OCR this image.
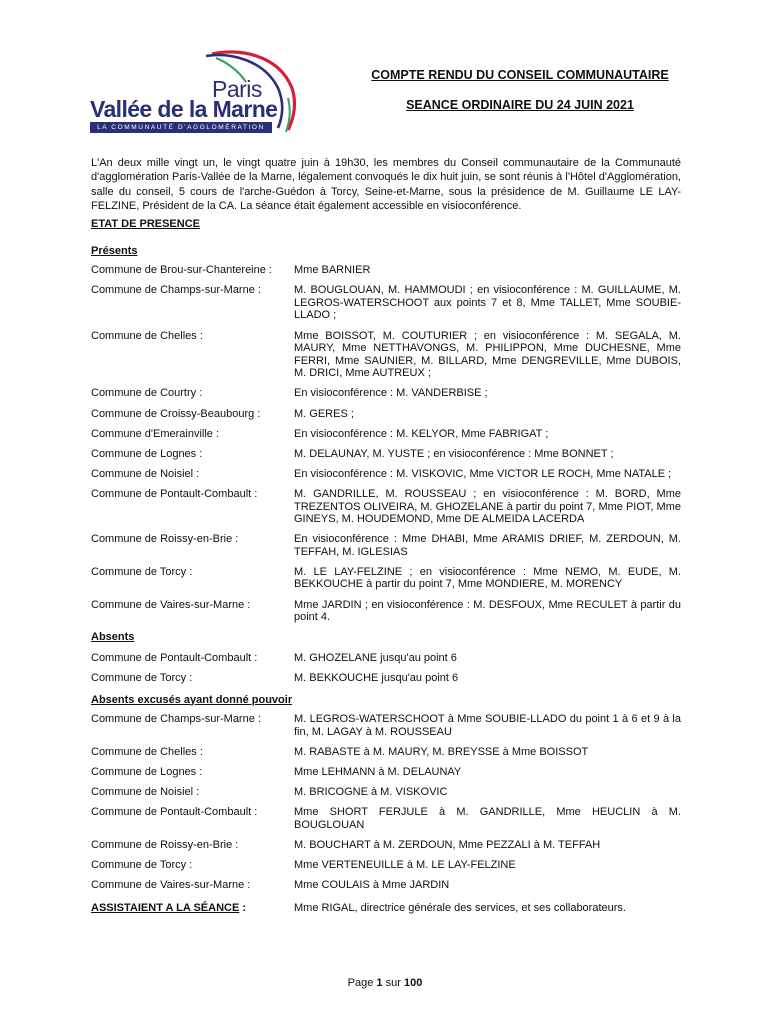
Paris
Vallée de la Marne
LA COMMUNAUTÉ D'AGGLOMÉRATION
COMPTE RENDU DU CONSEIL COMMUNAUTAIRE
SEANCE ORDINAIRE DU 24 JUIN 2021

L'An deux mille vingt un, le vingt quatre juin à 19h30, les membres du Conseil communautaire de la Communauté d'agglomération Paris-Vallée de la Marne, légalement convoqués le dix huit juin, se sont réunis à l'Hôtel d'Agglomération, salle du conseil, 5 cours de l'arche-Guédon à Torcy, Seine-et-Marne, sous la présidence de M. Guillaume LE LAY-FELZINE, Président de la CA. La séance était également accessible en visioconférence.

ETAT DE PRESENCE

Présents

Commune de Brou-sur-Chantereine :	Mme BARNIER
Commune de Champs-sur-Marne :	M. BOUGLOUAN, M. HAMMOUDI ; en visioconférence : M. GUILLAUME, M. LEGROS-WATERSCHOOT aux points 7 et 8, Mme TALLET, Mme SOUBIE-LLADO ;
Commune de Chelles :	Mme BOISSOT, M. COUTURIER ; en visioconférence : M. SEGALA, M. MAURY, Mme NETTHAVONGS, M. PHILIPPON, Mme DUCHESNE, Mme FERRI, Mme SAUNIER, M. BILLARD, Mme DENGREVILLE, Mme DUBOIS, M. DRICI, Mme AUTREUX ;
Commune de Courtry :	En visioconférence : M. VANDERBISE ;
Commune de Croissy-Beaubourg :	M. GERES ;
Commune d'Emerainville :	En visioconférence : M. KELYOR, Mme FABRIGAT ;
Commune de Lognes :	M. DELAUNAY, M. YUSTE ; en visioconférence : Mme BONNET ;
Commune de Noisiel :	En visioconférence : M. VISKOVIC, Mme VICTOR LE ROCH, Mme NATALE ;
Commune de Pontault-Combault :	M. GANDRILLE, M. ROUSSEAU ; en visioconférence : M. BORD, Mme TREZENTOS OLIVEIRA, M. GHOZELANE à partir du point 7, Mme PIOT, Mme GINEYS, M. HOUDEMOND, Mme DE ALMEIDA LACERDA
Commune de Roissy-en-Brie :	En visioconférence : Mme DHABI, Mme ARAMIS DRIEF, M. ZERDOUN, M. TEFFAH, M. IGLESIAS
Commune de Torcy :	M. LE LAY-FELZINE ; en visioconférence : Mme NEMO, M. EUDE, M. BEKKOUCHE à partir du point 7, Mme MONDIERE, M. MORENCY
Commune de Vaires-sur-Marne :	Mme JARDIN ; en visioconférence : M. DESFOUX, Mme RECULET à partir du point 4.

Absents

Commune de Pontault-Combault :	M. GHOZELANE jusqu'au point 6
Commune de Torcy :	M. BEKKOUCHE jusqu'au point 6

Absents excusés ayant donné pouvoir

Commune de Champs-sur-Marne :	M. LEGROS-WATERSCHOOT à Mme SOUBIE-LLADO du point 1 à 6 et 9 à la fin, M. LAGAY à M. ROUSSEAU
Commune de Chelles :	M. RABASTE à M. MAURY, M. BREYSSE à Mme BOISSOT
Commune de Lognes :	Mme LEHMANN à M. DELAUNAY
Commune de Noisiel :	M. BRICOGNE à M. VISKOVIC
Commune de Pontault-Combault :	Mme SHORT FERJULE à M. GANDRILLE, Mme HEUCLIN à M. BOUGLOUAN
Commune de Roissy-en-Brie :	M. BOUCHART à M. ZERDOUN, Mme PEZZALI à M. TEFFAH
Commune de Torcy :	Mme VERTENEUILLE à M. LE LAY-FELZINE
Commune de Vaires-sur-Marne :	Mme COULAIS à Mme JARDIN
ASSISTAIENT A LA SÉANCE :	Mme RIGAL, directrice générale des services, et ses collaborateurs.
Page 1 sur 100
